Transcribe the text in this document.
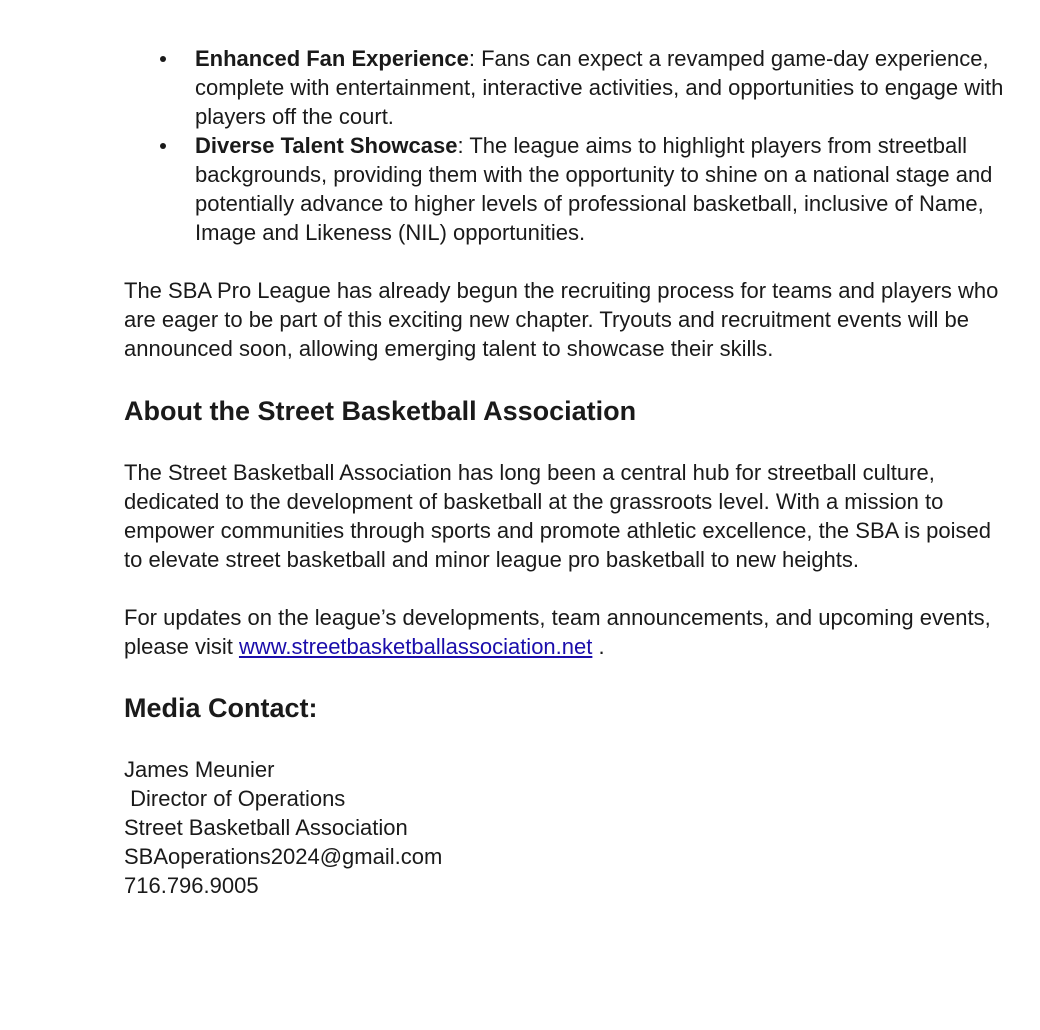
Enhanced Fan Experience: Fans can expect a revamped game-day experience, complete with entertainment, interactive activities, and opportunities to engage with players off the court.
Diverse Talent Showcase: The league aims to highlight players from streetball backgrounds, providing them with the opportunity to shine on a national stage and potentially advance to higher levels of professional basketball, inclusive of Name, Image and Likeness (NIL) opportunities.

The SBA Pro League has already begun the recruiting process for teams and players who are eager to be part of this exciting new chapter. Tryouts and recruitment events will be announced soon, allowing emerging talent to showcase their skills.

About the Street Basketball Association

The Street Basketball Association has long been a central hub for streetball culture, dedicated to the development of basketball at the grassroots level. With a mission to empower communities through sports and promote athletic excellence, the SBA is poised to elevate street basketball and minor league pro basketball to new heights.

For updates on the league’s developments, team announcements, and upcoming events, please visit www.streetbasketballassociation.net .

Media Contact:
James Meunier
Director of Operations
Street Basketball Association
SBAoperations2024@gmail.com
716.796.9005
